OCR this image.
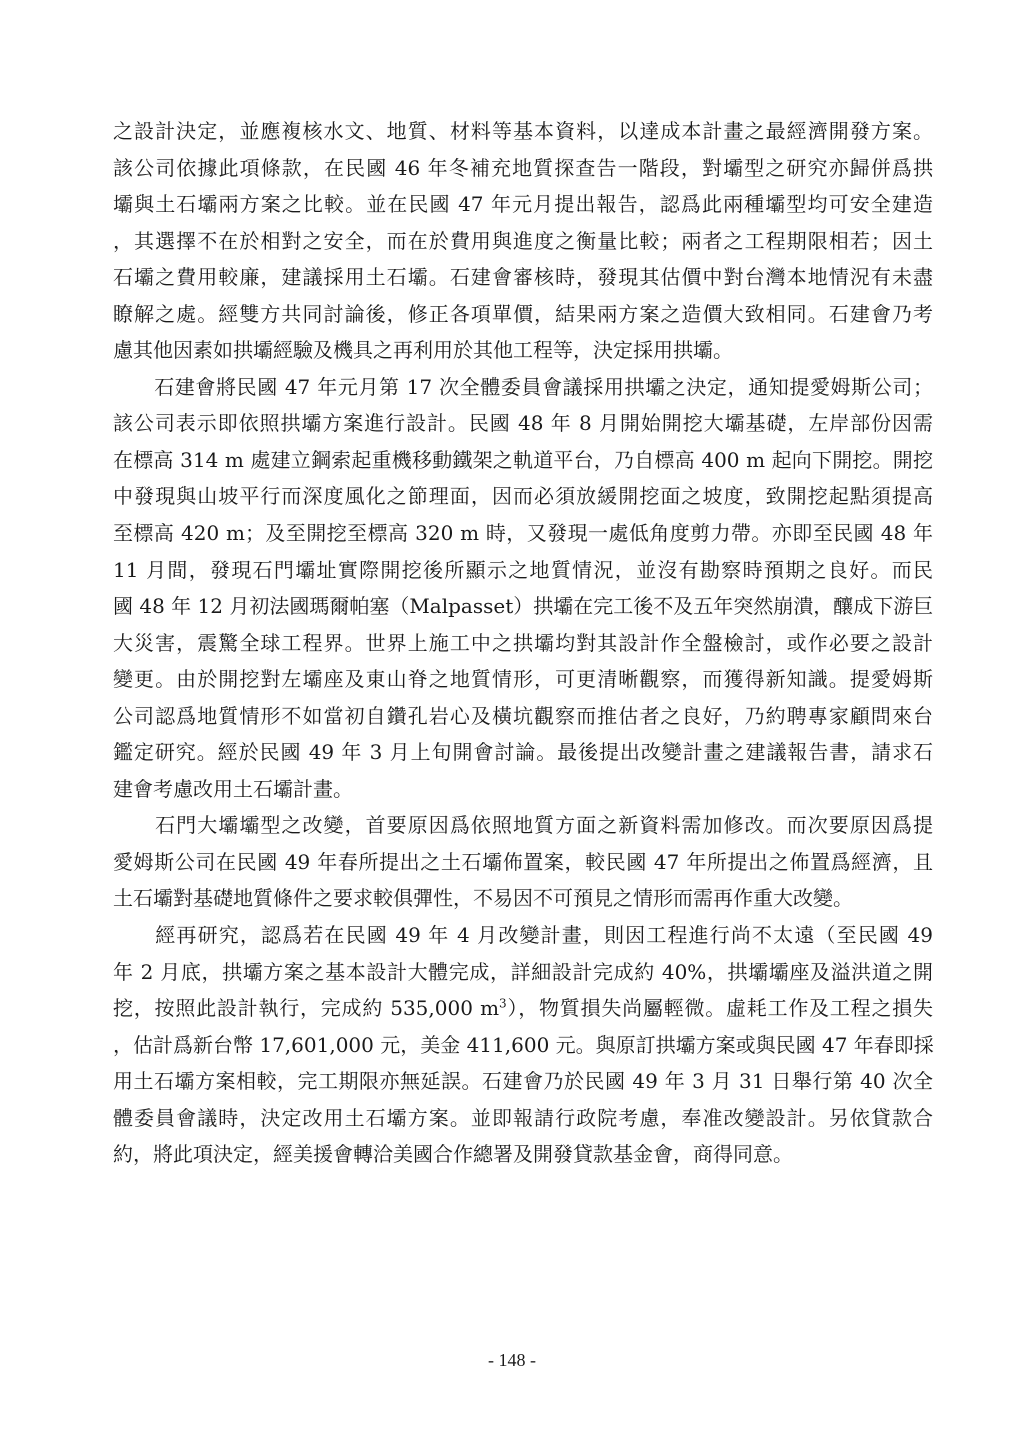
之設計決定，並應複核水文、地質、材料等基本資料，以達成本計畫之最經濟開發方案。
該公司依據此項條款，在民國 46 年冬補充地質探查告一階段，對壩型之研究亦歸併爲拱
壩與土石壩兩方案之比較。並在民國 47 年元月提出報告，認爲此兩種壩型均可安全建造
，其選擇不在於相對之安全，而在於費用與進度之衡量比較；兩者之工程期限相若；因土
石壩之費用較廉，建議採用土石壩。石建會審核時，發現其估價中對台灣本地情況有未盡
瞭解之處。經雙方共同討論後，修正各項單價，結果兩方案之造價大致相同。石建會乃考
慮其他因素如拱壩經驗及機具之再利用於其他工程等，決定採用拱壩。
　　石建會將民國 47 年元月第 17 次全體委員會議採用拱壩之決定，通知提愛姆斯公司；
該公司表示即依照拱壩方案進行設計。民國 48 年 8 月開始開挖大壩基礎，左岸部份因需
在標高 314 m 處建立鋼索起重機移動鐵架之軌道平台，乃自標高 400 m 起向下開挖。開挖
中發現與山坡平行而深度風化之節理面，因而必須放緩開挖面之坡度，致開挖起點須提高
至標高 420 m；及至開挖至標高 320 m 時，又發現一處低角度剪力帶。亦即至民國 48 年
11 月間，發現石門壩址實際開挖後所顯示之地質情況，並沒有勘察時預期之良好。而民
國 48 年 12 月初法國瑪爾帕塞（Malpasset）拱壩在完工後不及五年突然崩潰，釀成下游巨
大災害，震驚全球工程界。世界上施工中之拱壩均對其設計作全盤檢討，或作必要之設計
變更。由於開挖對左壩座及東山脊之地質情形，可更清晰觀察，而獲得新知識。提愛姆斯
公司認爲地質情形不如當初自鑽孔岩心及橫坑觀察而推估者之良好，乃約聘專家顧問來台
鑑定研究。經於民國 49 年 3 月上旬開會討論。最後提出改變計畫之建議報告書，請求石
建會考慮改用土石壩計畫。
　　石門大壩壩型之改變，首要原因爲依照地質方面之新資料需加修改。而次要原因爲提
愛姆斯公司在民國 49 年春所提出之土石壩佈置案，較民國 47 年所提出之佈置爲經濟，且
土石壩對基礎地質條件之要求較俱彈性，不易因不可預見之情形而需再作重大改變。
　　經再研究，認爲若在民國 49 年 4 月改變計畫，則因工程進行尚不太遠（至民國 49
年 2 月底，拱壩方案之基本設計大體完成，詳細設計完成約 40%，拱壩壩座及溢洪道之開
挖，按照此設計執行，完成約 535,000 $m^3$），物質損失尚屬輕微。虛耗工作及工程之損失
，估計爲新台幣 17,601,000 元，美金 411,600 元。與原訂拱壩方案或與民國 47 年春即採
用土石壩方案相較，完工期限亦無延誤。石建會乃於民國 49 年 3 月 31 日舉行第 40 次全
體委員會議時，決定改用土石壩方案。並即報請行政院考慮，奉准改變設計。另依貸款合
約，將此項決定，經美援會轉洽美國合作總署及開發貸款基金會，商得同意。
- 148 -
